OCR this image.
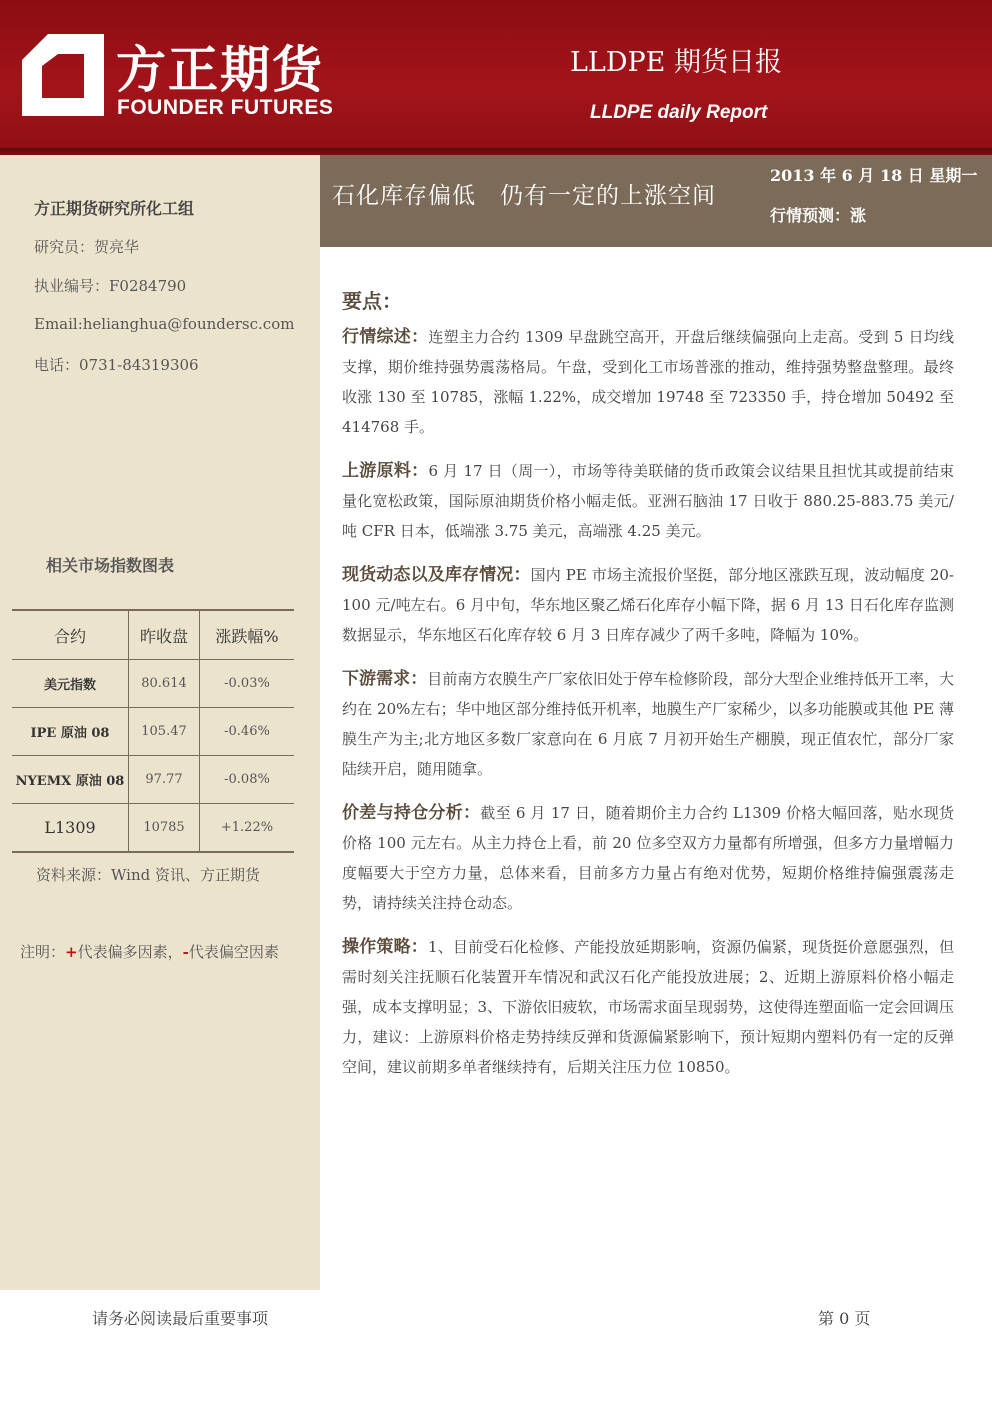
方正期货
FOUNDER FUTURES
LLDPE 期货日报
LLDPE daily Report
石化库存偏低　仍有一定的上涨空间
2013 年 6 月 18 日 星期一
行情预测：涨
方正期货研究所化工组
研究员：贺亮华
执业编号：F0284790
Email:helianghua@foundersc.com
电话：0731-84319306
相关市场指数图表
合约	昨收盘	涨跌幅%
美元指数	80.614	-0.03%
IPE 原油 08	105.47	-0.46%
NYEMX 原油 08	97.77	-0.08%
L1309	10785	+1.22%
资料来源：Wind 资讯、方正期货
注明：+代表偏多因素，-代表偏空因素
要点：

行情综述：连塑主力合约 1309 早盘跳空高开，开盘后继续偏强向上走高。受到 5 日均线支撑，期价维持强势震荡格局。午盘，受到化工市场普涨的推动，维持强势整盘整理。最终收涨 130 至 10785，涨幅 1.22%，成交增加 19748 至 723350 手，持仓增加 50492 至 414768 手。

上游原料：6 月 17 日（周一），市场等待美联储的货币政策会议结果且担忧其或提前结束量化宽松政策，国际原油期货价格小幅走低。亚洲石脑油 17 日收于 880.25-883.75 美元/吨 CFR 日本，低端涨 3.75 美元，高端涨 4.25 美元。

现货动态以及库存情况：国内 PE 市场主流报价坚挺，部分地区涨跌互现，波动幅度 20-100 元/吨左右。6 月中旬，华东地区聚乙烯石化库存小幅下降，据 6 月 13 日石化库存监测数据显示，华东地区石化库存较 6 月 3 日库存减少了两千多吨，降幅为 10%。

下游需求：目前南方农膜生产厂家依旧处于停车检修阶段，部分大型企业维持低开工率，大约在 20%左右；华中地区部分维持低开机率，地膜生产厂家稀少，以多功能膜或其他 PE 薄膜生产为主;北方地区多数厂家意向在 6 月底 7 月初开始生产棚膜，现正值农忙，部分厂家陆续开启，随用随拿。

价差与持仓分析：截至 6 月 17 日，随着期价主力合约 L1309 价格大幅回落，贴水现货价格 100 元左右。从主力持仓上看，前 20 位多空双方力量都有所增强，但多方力量增幅力度幅要大于空方力量，总体来看，目前多方力量占有绝对优势，短期价格维持偏强震荡走势，请持续关注持仓动态。

操作策略：1、目前受石化检修、产能投放延期影响，资源仍偏紧，现货挺价意愿强烈，但需时刻关注抚顺石化装置开车情况和武汉石化产能投放进展；2、近期上游原料价格小幅走强，成本支撑明显；3、下游依旧疲软，市场需求面呈现弱势，这使得连塑面临一定会回调压力，建议：上游原料价格走势持续反弹和货源偏紧影响下，预计短期内塑料仍有一定的反弹空间，建议前期多单者继续持有，后期关注压力位 10850。

请务必阅读最后重要事项	第 0 页
